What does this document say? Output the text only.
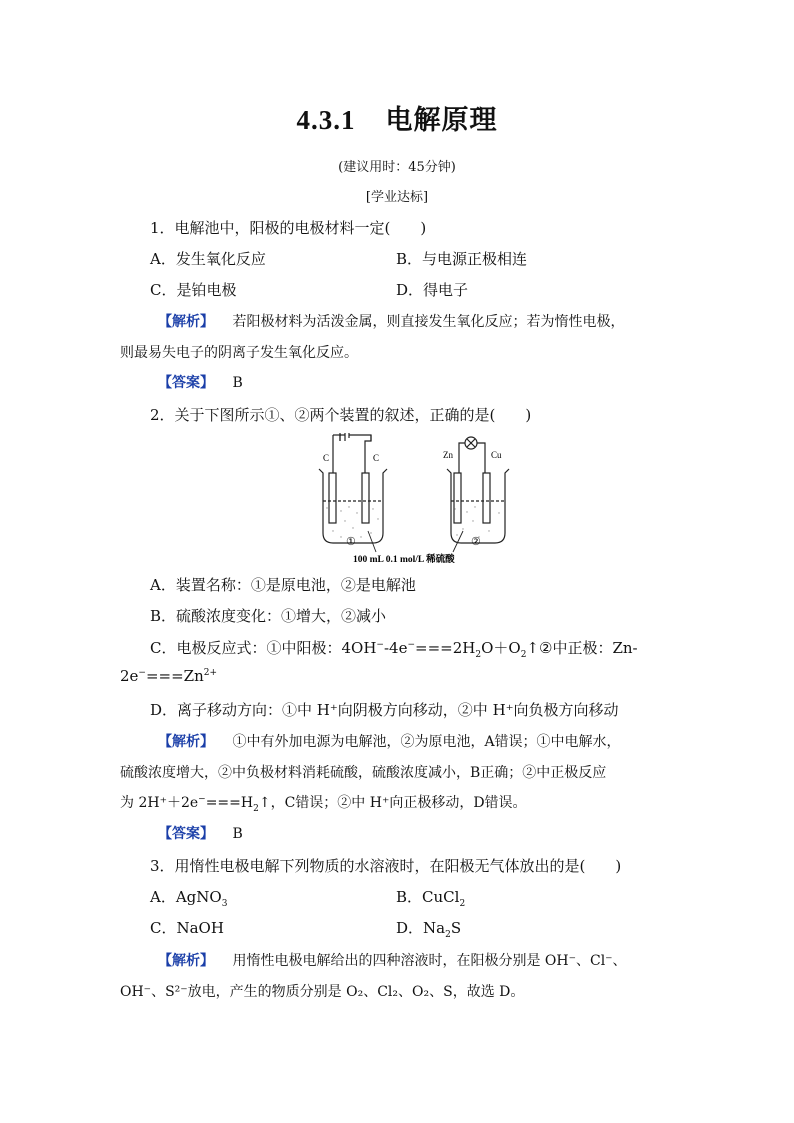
4.3.1 电解原理
(建议用时：45分钟)
[学业达标]
1．电解池中，阳极的电极材料一定(　　)
A．发生氧化反应	B．与电源正极相连
C．是铂电极	D．得电子
【解析】 若阳极材料为活泼金属，则直接发生氧化反应；若为惰性电极，
则最易失电子的阴离子发生氧化反应。
【答案】 B
2．关于下图所示①、②两个装置的叙述，正确的是(　　)
C	C
①
Zn	Cu
②
100 mL 0.1 mol/L 稀硫酸
A．装置名称：①是原电池，②是电解池
B．硫酸浓度变化：①增大，②减小
C．电极反应式：①中阳极：$4OH^--4e^-===2H_2O+O_2↑②$中正极：Zn-
$2e^-===Zn^{2+}$
D．离子移动方向：①中 H⁺向阴极方向移动，②中 H⁺向负极方向移动
【解析】 ①中有外加电源为电解池，②为原电池，A错误；①中电解水，
硫酸浓度增大，②中负极材料消耗硫酸，硫酸浓度减小，B正确；②中正极反应
为 $2H^++2e^-===H_2↑$，C错误；②中 H⁺向正极移动，D错误。
【答案】 B
3．用惰性电极电解下列物质的水溶液时，在阳极无气体放出的是(　　)
A．AgNO$_3$	B．CuCl$_2$
C．NaOH	D．$Na_2S$
【解析】 用惰性电极电解给出的四种溶液时，在阳极分别是 OH⁻、Cl⁻、
OH⁻、S²⁻放电，产生的物质分别是 O₂、Cl₂、O₂、S，故选 D。
